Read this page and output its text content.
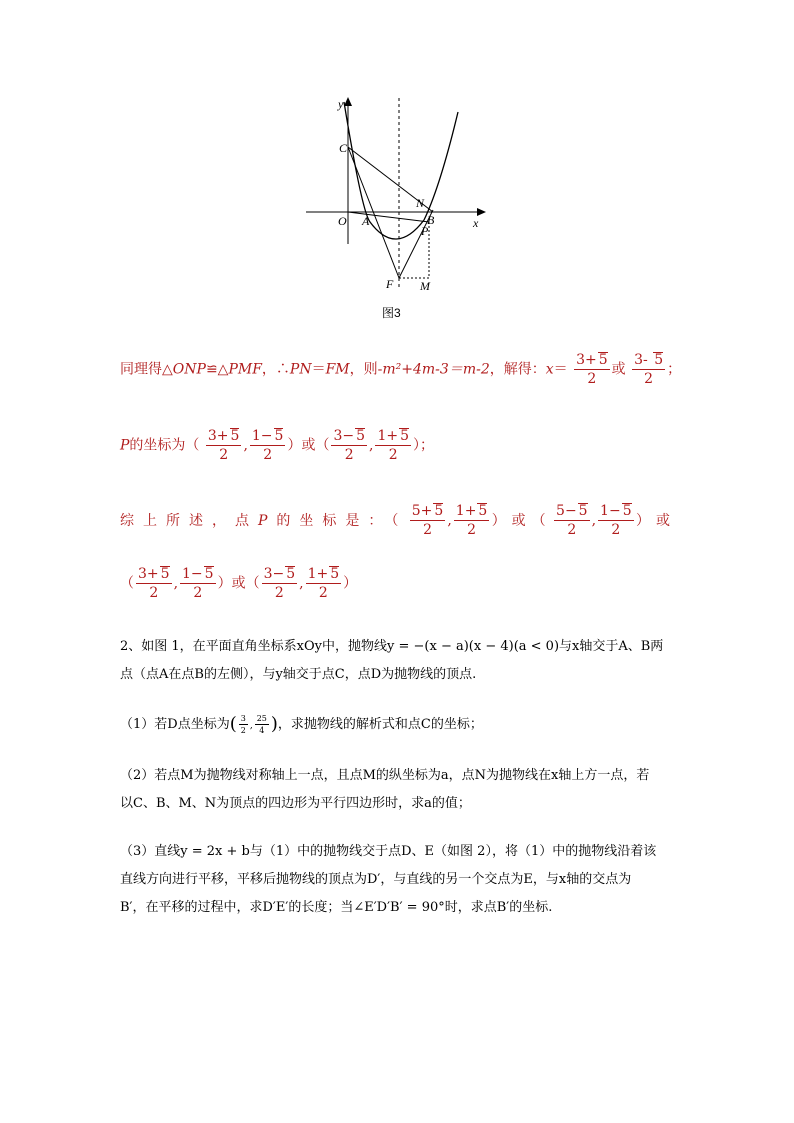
y
x
C
O A
N
B
P
F M
图3
同理得△ONP≌△PMF，∴PN＝FM，则-m²+4m-3＝m-2，解得：$x= \frac{3+ 5}{2}$ 或 $\frac{3- 5}{2}$ ；
P的坐标为（ $\frac{3+ 5}{2}$ , $\frac{1- 5}{2}$ ）或（ $\frac{3- 5}{2}$ , $\frac{1+ 5}{2}$ ）；
综上所述，点P的坐标是：（ $\frac{5+ 5}{2}$ , $\frac{1+ 5}{2}$ ）或（ $\frac{5- 5}{2}$ , $\frac{1- 5}{2}$ ）或
（ $\frac{3+ 5}{2}$ , $\frac{1- 5}{2}$ ）或（ $\frac{3- 5}{2}$ , $\frac{1+ 5}{2}$ ）
2、如图 1，在平面直角坐标系xOy中，抛物线y = −(x − a)(x − 4)(a < 0)与x轴交于A、B两
点（点A在点B的左侧），与y轴交于点C，点D为抛物线的顶点.
（1）若D点坐标为( $\frac{3}{2}$ , $\frac{25}{4}$ )，求抛物线的解析式和点C的坐标；
（2）若点M为抛物线对称轴上一点，且点M的纵坐标为a，点N为抛物线在x轴上方一点，若
以C、B、M、N为顶点的四边形为平行四边形时，求a的值；
（3）直线y = 2x + b与（1）中的抛物线交于点D、E（如图 2），将（1）中的抛物线沿着该
直线方向进行平移，平移后抛物线的顶点为D′，与直线的另一个交点为E，与x轴的交点为
B′，在平移的过程中，求D′E′的长度；当∠E′D′B′ = 90°时，求点B′的坐标.
